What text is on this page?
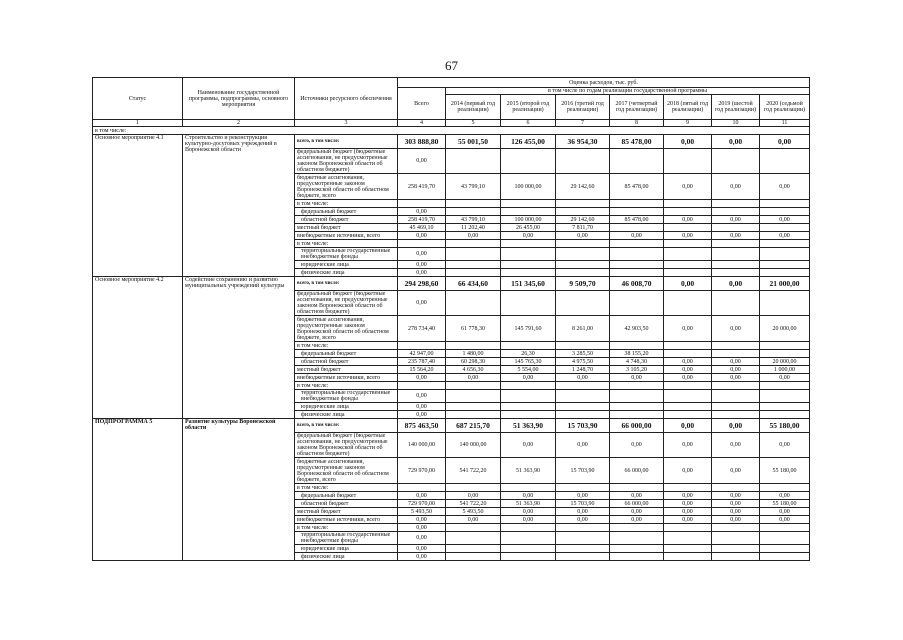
67
Статус	Наименование государственной программы, подпрограммы, основного мероприятия	Источники ресурсного обеспечения	Оценка расходов, тыс. руб.							
			Всего	в том числе по годам реализации государственной программы						
				2014 (первый год реализации)	2015 (второй год реализации)	2016 (третий год реализации)	2017 (четвертый год реализации)	2018 (пятый год реализации)	2019 (шестой год реализации)	2020 (седьмой год реализации)
1	2	3	4	5	6	7	8	9	10	11
в том числе:										
Основное мероприятие 4.1	Строительство и реконструкция культурно-досуговых учреждений в Воронежской области	всего, в том числе:	303 888,80	55 001,50	126 455,00	36 954,30	85 478,00	0,00	0,00	0,00
		федеральный бюджет (бюджетные ассигнования, не предусмотренные законом Воронежской области об областном бюджете)	0,00							
		бюджетные ассигнования, предусмотренные законом Воронежской области об областном бюджете, всего	258 419,70	43 799,10	100 000,00	29 142,60	85 478,00	0,00	0,00	0,00
		в том числе:								
		федеральный бюджет	0,00							
		областной бюджет	258 419,70	43 799,10	100 000,00	29 142,60	85 478,00	0,00	0,00	0,00
		местный бюджет	45 469,10	11 202,40	26 455,00	7 811,70				
		внебюджетные источники, всего	0,00	0,00	0,00	0,00	0,00	0,00	0,00	0,00
		в том числе:								
		территориальные государственные внебюджетные фонды	0,00							
		юридические лица	0,00							
		физические лица	0,00							
Основное мероприятие 4.2	Содействие сохранению и развитию муниципальных учреждений культуры	всего, в том числе:	294 298,60	66 434,60	151 345,60	9 509,70	46 008,70	0,00	0,00	21 000,00
		федеральный бюджет (бюджетные ассигнования, не предусмотренные законом Воронежской области об областном бюджете)	0,00							
		бюджетные ассигнования, предусмотренные законом Воронежской области об областном бюджете, всего	278 734,40	61 778,30	145 791,60	8 261,00	42 903,50	0,00	0,00	20 000,00
		в том числе:								
		федеральный бюджет	42 947,00	1 480,00	26,30	3 285,50	38 155,20			
		областной бюджет	235 787,40	60 298,30	145 765,30	4 975,50	4 748,30	0,00	0,00	20 000,00
		местный бюджет	15 564,20	4 656,30	5 554,00	1 248,70	3 105,20	0,00	0,00	1 000,00
		внебюджетные источники, всего	0,00	0,00	0,00	0,00	0,00	0,00	0,00	0,00
		в том числе:								
		территориальные государственные внебюджетные фонды	0,00							
		юридические лица	0,00							
		физические лица	0,00							
ПОДПРОГРАММА 5	Развитие культуры Воронежской области	всего, в том числе:	875 463,50	687 215,70	51 363,90	15 703,90	66 000,00	0,00	0,00	55 180,00
		федеральный бюджет (бюджетные ассигнования, не предусмотренные законом Воронежской области об областном бюджете)	140 000,00	140 000,00	0,00	0,00	0,00	0,00	0,00	0,00
		бюджетные ассигнования, предусмотренные законом Воронежской области об областном бюджете, всего	729 970,00	541 722,20	51 363,90	15 703,90	66 000,00	0,00	0,00	55 180,00
		в том числе:								
		федеральный бюджет	0,00	0,00	0,00	0,00	0,00	0,00	0,00	0,00
		областной бюджет	729 970,00	541 722,20	51 363,90	15 703,90	66 000,00	0,00	0,00	55 180,00
		местный бюджет	5 493,50	5 493,50	0,00	0,00	0,00	0,00	0,00	0,00
		внебюджетные источники, всего	0,00	0,00	0,00	0,00	0,00	0,00	0,00	0,00
		в том числе:	0,00							
		территориальные государственные внебюджетные фонды	0,00							
		юридические лица	0,00							
		физические лица	0,00							
